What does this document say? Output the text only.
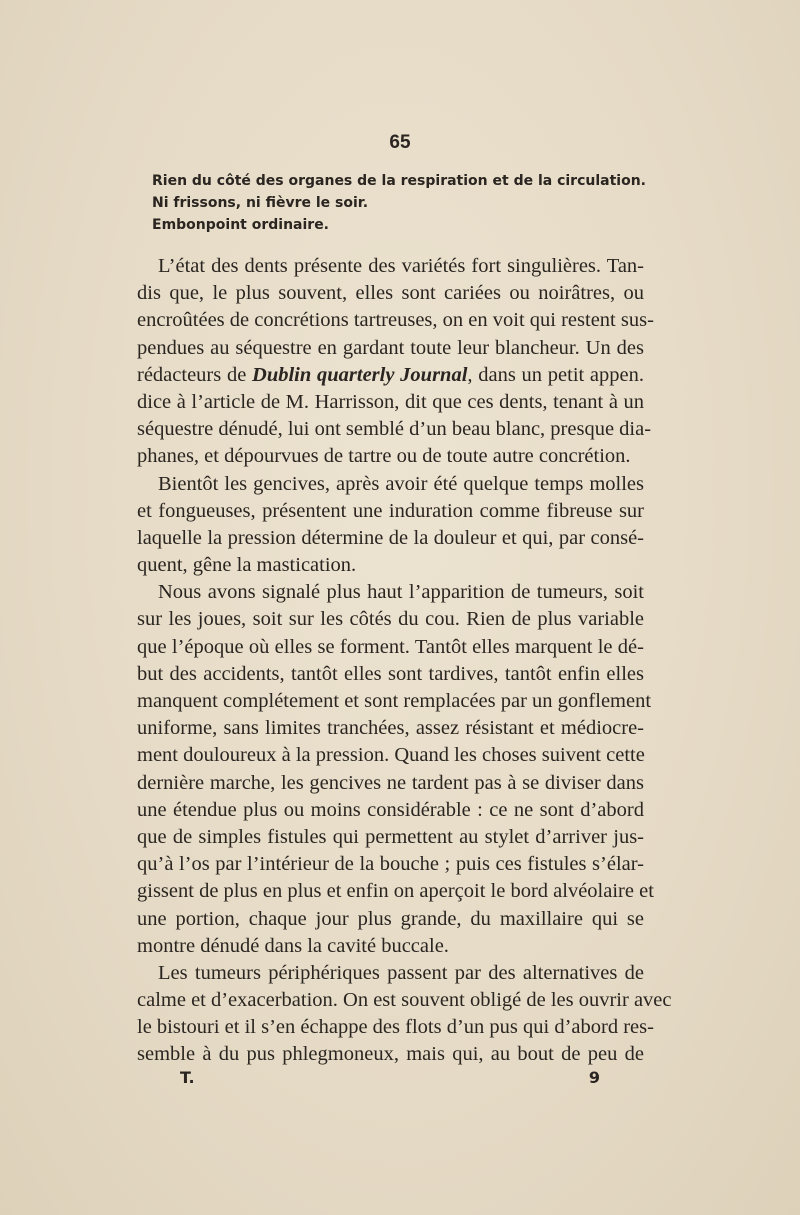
65
Rien du côté des organes de la respiration et de la circulation.
Ni frissons, ni fièvre le soir.
Embonpoint ordinaire.
L’état des dents présente des variétés fort singulières. Tan-
dis que, le plus souvent, elles sont cariées ou noirâtres, ou
encroûtées de concrétions tartreuses, on en voit qui restent sus-
pendues au séquestre en gardant toute leur blancheur. Un des
rédacteurs de Dublin quarterly Journal, dans un petit appen.
dice à l’article de M. Harrisson, dit que ces dents, tenant à un
séquestre dénudé, lui ont semblé d’un beau blanc, presque dia-
phanes, et dépourvues de tartre ou de toute autre concrétion.
Bientôt les gencives, après avoir été quelque temps molles
et fongueuses, présentent une induration comme fibreuse sur
laquelle la pression détermine de la douleur et qui, par consé-
quent, gêne la mastication.
Nous avons signalé plus haut l’apparition de tumeurs, soit
sur les joues, soit sur les côtés du cou. Rien de plus variable
que l’époque où elles se forment. Tantôt elles marquent le dé-
but des accidents, tantôt elles sont tardives, tantôt enfin elles
manquent complétement et sont remplacées par un gonflement
uniforme, sans limites tranchées, assez résistant et médiocre-
ment douloureux à la pression. Quand les choses suivent cette
dernière marche, les gencives ne tardent pas à se diviser dans
une étendue plus ou moins considérable : ce ne sont d’abord
que de simples fistules qui permettent au stylet d’arriver jus-
qu’à l’os par l’intérieur de la bouche ; puis ces fistules s’élar-
gissent de plus en plus et enfin on aperçoit le bord alvéolaire et
une portion, chaque jour plus grande, du maxillaire qui se
montre dénudé dans la cavité buccale.
Les tumeurs périphériques passent par des alternatives de
calme et d’exacerbation. On est souvent obligé de les ouvrir avec
le bistouri et il s’en échappe des flots d’un pus qui d’abord res-
semble à du pus phlegmoneux, mais qui, au bout de peu de
T.	9
